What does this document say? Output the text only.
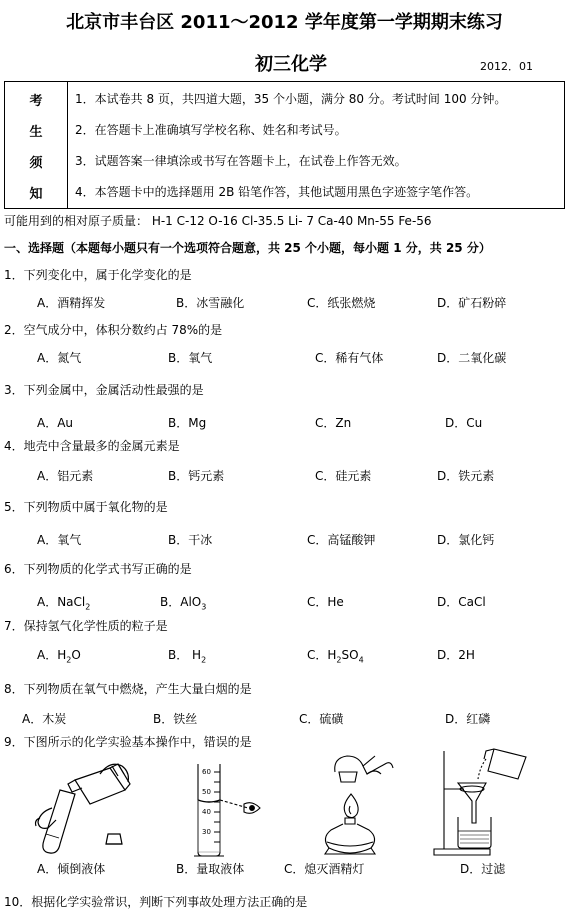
北京市丰台区 2011～2012 学年度第一学期期末练习
初三化学	2012．01
考
生
须
知
1．本试卷共 8 页，共四道大题，35 个小题，满分 80 分。考试时间 100 分钟。
2．在答题卡上准确填写学校名称、姓名和考试号。
3．试题答案一律填涂或书写在答题卡上，在试卷上作答无效。
4．本答题卡中的选择题用 2B 铅笔作答，其他试题用黑色字迹签字笔作答。
可能用到的相对原子质量： H-1 C-12 O-16 Cl-35.5 Li- 7 Ca-40 Mn-55 Fe-56
一、选择题（本题每小题只有一个选项符合题意，共 25 个小题，每小题 1 分，共 25 分）
1．下列变化中，属于化学变化的是
A．酒精挥发	B．冰雪融化	C．纸张燃烧	D．矿石粉碎
2．空气成分中，体积分数约占 78%的是
A．氮气	B．氧气	C．稀有气体	D．二氧化碳
3．下列金属中，金属活动性最强的是
A．Au	B．Mg	C．Zn	D．Cu
4．地壳中含量最多的金属元素是
A．铝元素	B．钙元素	C．硅元素	D．铁元素
5．下列物质中属于氧化物的是
A．氧气	B．干冰	C．高锰酸钾	D．氯化钙
6．下列物质的化学式书写正确的是
A．NaCl$_2$	B．AlO$_3$	C．He	D．CaCl
7．保持氢气化学性质的粒子是
A．$H_2O$	B． $H_2$	C．$H_2SO_4$	D．2H
8．下列物质在氧气中燃烧，产生大量白烟的是
A．木炭	B．铁丝	C．硫磺	D．红磷
9．下图所示的化学实验基本操作中，错误的是
60
50
40
30
A．倾倒液体	B．量取液体	C．熄灭酒精灯	D．过滤
10．根据化学实验常识，判断下列事故处理方法正确的是
